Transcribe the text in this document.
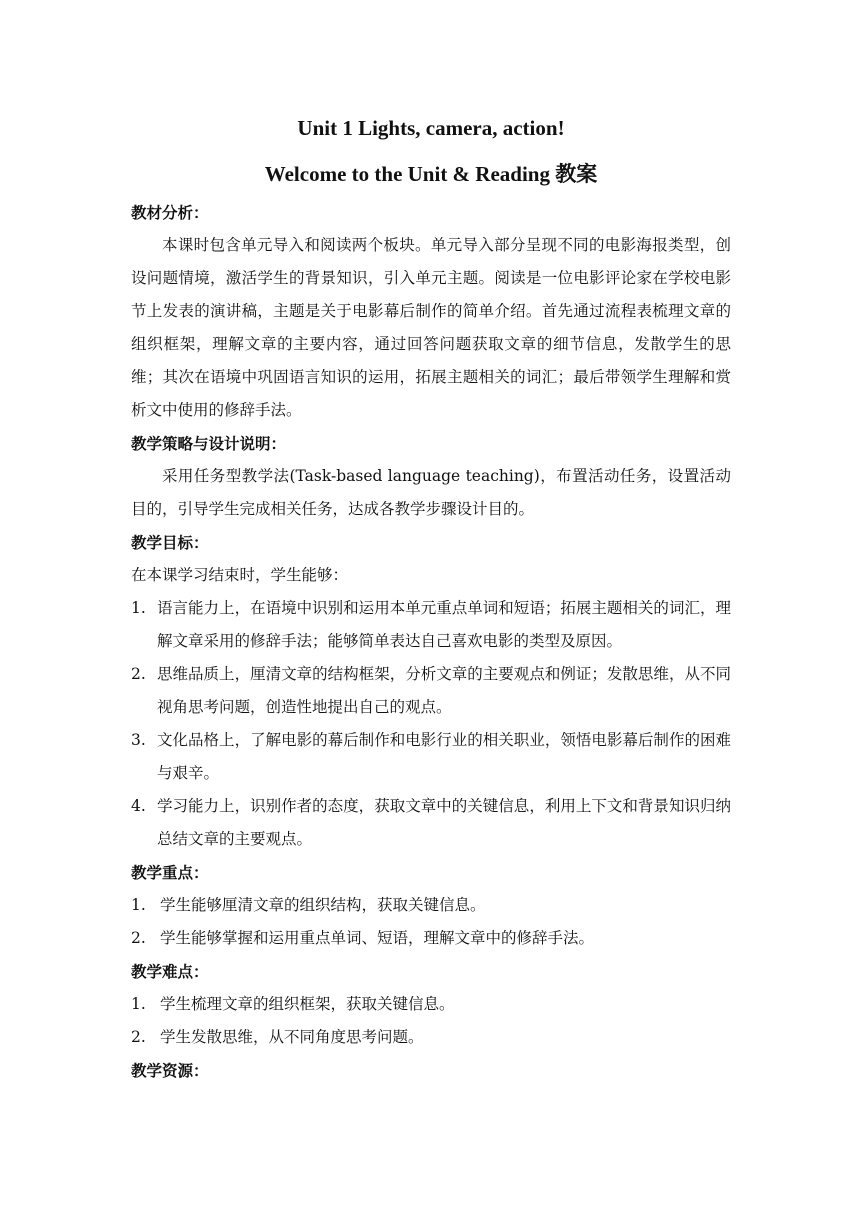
Unit 1 Lights, camera, action!
Welcome to the Unit & Reading 教案

教材分析：

本课时包含单元导入和阅读两个板块。单元导入部分呈现不同的电影海报类型，创设问题情境，激活学生的背景知识，引入单元主题。阅读是一位电影评论家在学校电影节上发表的演讲稿，主题是关于电影幕后制作的简单介绍。首先通过流程表梳理文章的组织框架，理解文章的主要内容，通过回答问题获取文章的细节信息，发散学生的思维；其次在语境中巩固语言知识的运用，拓展主题相关的词汇；最后带领学生理解和赏析文中使用的修辞手法。

教学策略与设计说明：

采用任务型教学法(Task-based language teaching)，布置活动任务，设置活动目的，引导学生完成相关任务，达成各教学步骤设计目的。

教学目标：

在本课学习结束时，学生能够：

1. 语言能力上，在语境中识别和运用本单元重点单词和短语；拓展主题相关的词汇，理解文章采用的修辞手法；能够简单表达自己喜欢电影的类型及原因。
2. 思维品质上，厘清文章的结构框架，分析文章的主要观点和例证；发散思维，从不同视角思考问题，创造性地提出自己的观点。
3. 文化品格上，了解电影的幕后制作和电影行业的相关职业，领悟电影幕后制作的困难与艰辛。
4. 学习能力上，识别作者的态度，获取文章中的关键信息，利用上下文和背景知识归纳总结文章的主要观点。

教学重点：

1. 学生能够厘清文章的组织结构，获取关键信息。
2. 学生能够掌握和运用重点单词、短语，理解文章中的修辞手法。

教学难点：

1. 学生梳理文章的组织框架，获取关键信息。
2. 学生发散思维，从不同角度思考问题。

教学资源：
